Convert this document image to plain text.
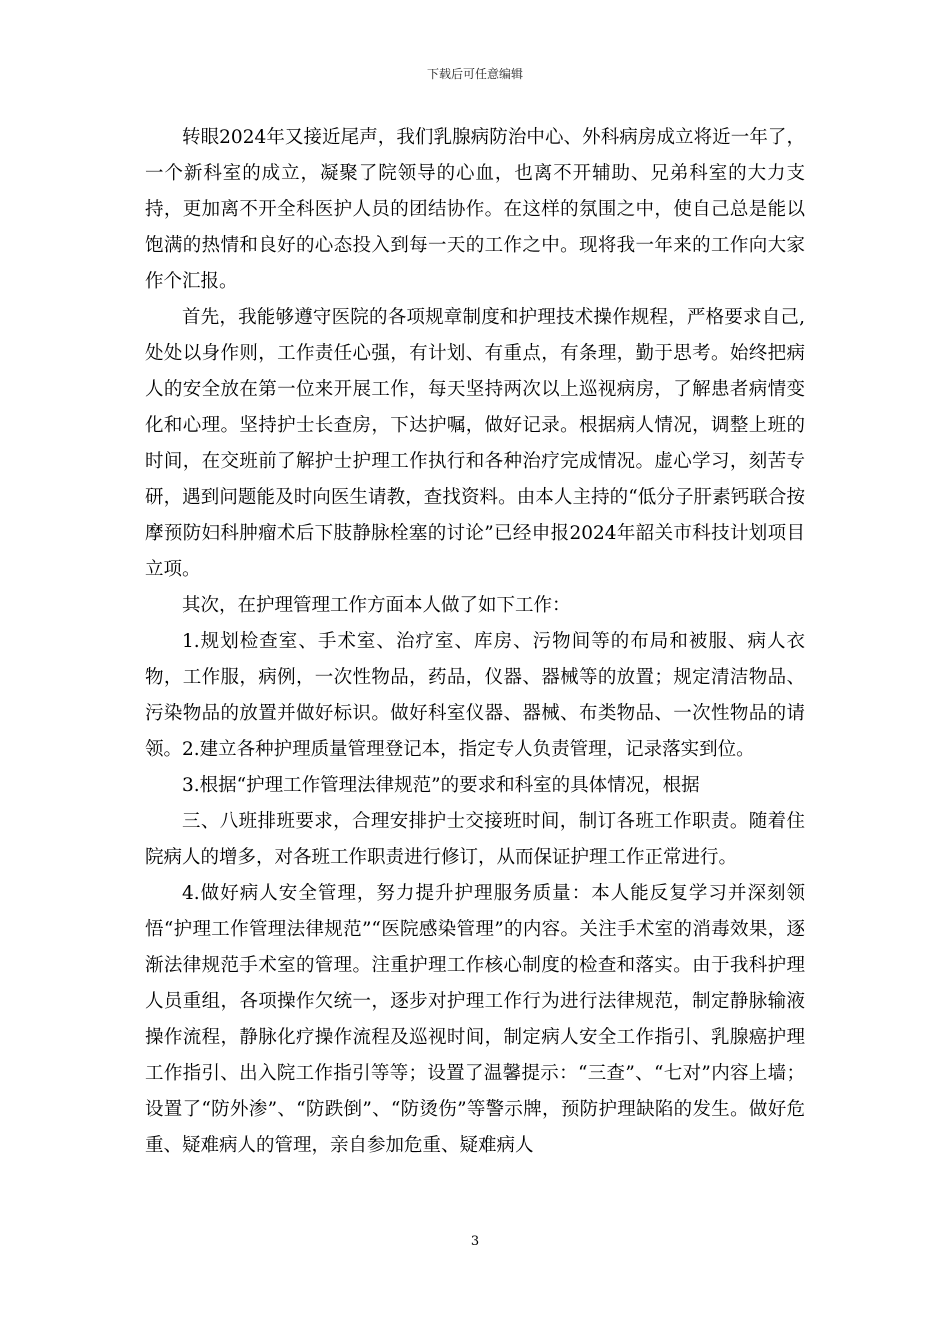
下载后可任意编辑

转眼2024年又接近尾声，我们乳腺病防治中心、外科病房成立将近一年了，一个新科室的成立，凝聚了院领导的心血，也离不开辅助、兄弟科室的大力支持，更加离不开全科医护人员的团结协作。在这样的氛围之中，使自己总是能以饱满的热情和良好的心态投入到每一天的工作之中。现将我一年来的工作向大家作个汇报。

首先，我能够遵守医院的各项规章制度和护理技术操作规程，严格要求自己,处处以身作则，工作责任心强，有计划、有重点，有条理，勤于思考。始终把病人的安全放在第一位来开展工作，每天坚持两次以上巡视病房，了解患者病情变化和心理。坚持护士长查房，下达护嘱，做好记录。根据病人情况，调整上班的时间，在交班前了解护士护理工作执行和各种治疗完成情况。虚心学习，刻苦专研，遇到问题能及时向医生请教，查找资料。由本人主持的“低分子肝素钙联合按摩预防妇科肿瘤术后下肢静脉栓塞的讨论”已经申报2024年韶关市科技计划项目立项。

其次，在护理管理工作方面本人做了如下工作：

1.规划检查室、手术室、治疗室、库房、污物间等的布局和被服、病人衣物，工作服，病例，一次性物品，药品，仪器、器械等的放置；规定清洁物品、污染物品的放置并做好标识。做好科室仪器、器械、布类物品、一次性物品的请领。2.建立各种护理质量管理登记本，指定专人负责管理，记录落实到位。

3.根据“护理工作管理法律规范”的要求和科室的具体情况，根据

三、八班排班要求，合理安排护士交接班时间，制订各班工作职责。随着住院病人的增多，对各班工作职责进行修订，从而保证护理工作正常进行。

4.做好病人安全管理，努力提升护理服务质量：本人能反复学习并深刻领悟“护理工作管理法律规范”“医院感染管理”的内容。关注手术室的消毒效果，逐渐法律规范手术室的管理。注重护理工作核心制度的检查和落实。由于我科护理人员重组，各项操作欠统一，逐步对护理工作行为进行法律规范，制定静脉输液操作流程，静脉化疗操作流程及巡视时间，制定病人安全工作指引、乳腺癌护理工作指引、出入院工作指引等等；设置了温馨提示：“三查”、“七对”内容上墙；设置了“防外渗”、“防跌倒”、“防烫伤”等警示牌，预防护理缺陷的发生。做好危重、疑难病人的管理，亲自参加危重、疑难病人

3
